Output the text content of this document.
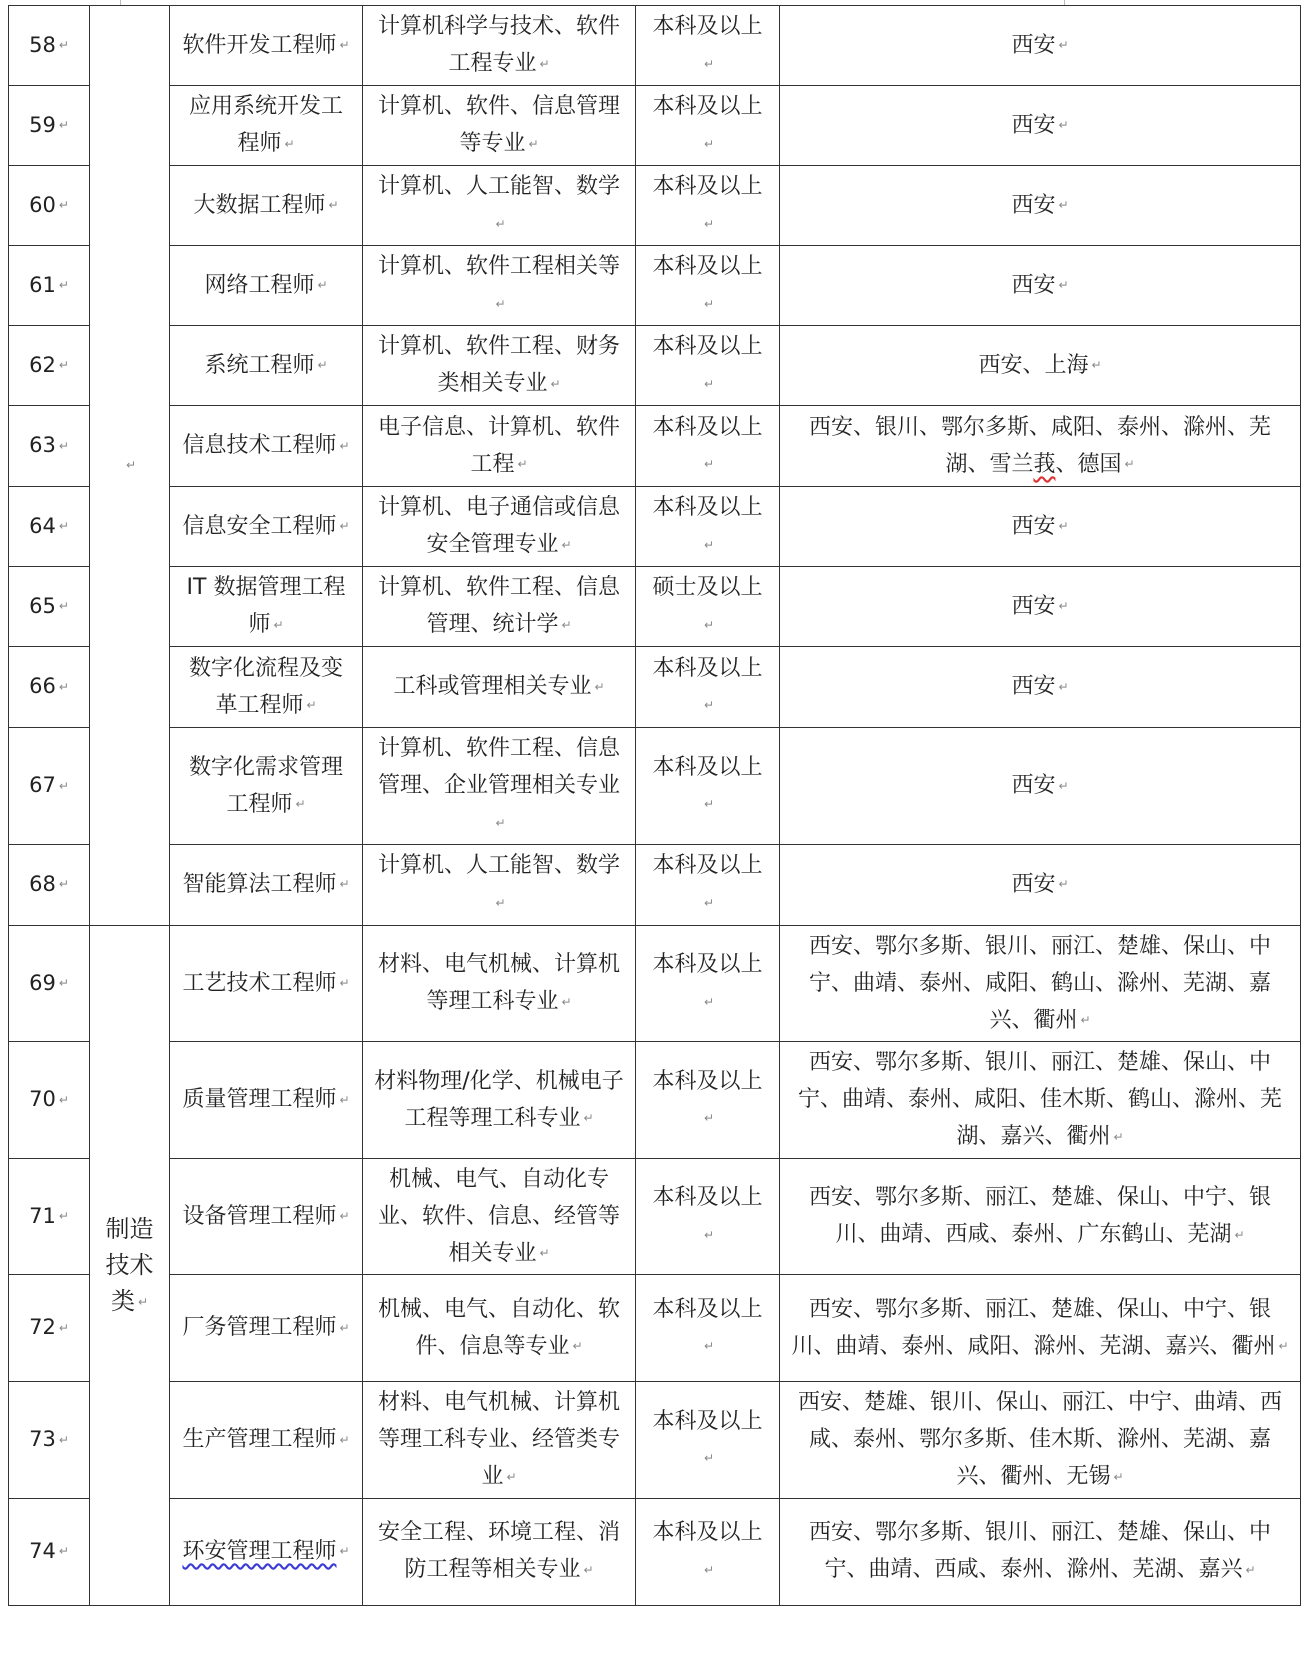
58 ↵	↵	软件开发工程师 ↵	计算机科学与技术、软件工程专业 ↵	本科及以上↵	西安 ↵
59 ↵		应用系统开发工程师 ↵	计算机、软件、信息管理等专业 ↵	本科及以上↵	西安 ↵
60 ↵		大数据工程师 ↵	计算机、人工能智、数学↵	本科及以上↵	西安 ↵
61 ↵		网络工程师 ↵	计算机、软件工程相关等↵	本科及以上↵	西安 ↵
62 ↵		系统工程师 ↵	计算机、软件工程、财务类相关专业 ↵	本科及以上↵	西安、上海 ↵
63 ↵		信息技术工程师 ↵	电子信息、计算机、软件工程 ↵	本科及以上↵	西安、银川、鄂尔多斯、咸阳、泰州、滁州、芜湖、雪兰莪、德国 ↵
64 ↵		信息安全工程师 ↵	计算机、电子通信或信息安全管理专业 ↵	本科及以上↵	西安 ↵
65 ↵		IT 数据管理工程师 ↵	计算机、软件工程、信息管理、统计学 ↵	硕士及以上↵	西安 ↵
66 ↵		数字化流程及变革工程师 ↵	工科或管理相关专业 ↵	本科及以上↵	西安 ↵
67 ↵		数字化需求管理工程师 ↵	计算机、软件工程、信息管理、企业管理相关专业↵	本科及以上↵	西安 ↵
68 ↵		智能算法工程师 ↵	计算机、人工能智、数学↵	本科及以上↵	西安 ↵
69 ↵	制造技术类 ↵	工艺技术工程师 ↵	材料、电气机械、计算机等理工科专业 ↵	本科及以上↵	西安、鄂尔多斯、银川、丽江、楚雄、保山、中宁、曲靖、泰州、咸阳、鹤山、滁州、芜湖、嘉兴、衢州 ↵
70 ↵		质量管理工程师 ↵	材料物理/化学、机械电子工程等理工科专业 ↵	本科及以上↵	西安、鄂尔多斯、银川、丽江、楚雄、保山、中宁、曲靖、泰州、咸阳、佳木斯、鹤山、滁州、芜湖、嘉兴、衢州 ↵
71 ↵		设备管理工程师 ↵	机械、电气、自动化专业、软件、信息、经管等相关专业 ↵	本科及以上↵	西安、鄂尔多斯、丽江、楚雄、保山、中宁、银川、曲靖、西咸、泰州、广东鹤山、芜湖 ↵
72 ↵		厂务管理工程师 ↵	机械、电气、自动化、软件、信息等专业 ↵	本科及以上↵	西安、鄂尔多斯、丽江、楚雄、保山、中宁、银川、曲靖、泰州、咸阳、滁州、芜湖、嘉兴、衢州 ↵
73 ↵		生产管理工程师 ↵	材料、电气机械、计算机等理工科专业、经管类专业 ↵	本科及以上↵	西安、楚雄、银川、保山、丽江、中宁、曲靖、西咸、泰州、鄂尔多斯、佳木斯、滁州、芜湖、嘉兴、衢州、无锡 ↵
74 ↵		环安管理工程师 ↵	安全工程、环境工程、消防工程等相关专业 ↵	本科及以上↵	西安、鄂尔多斯、银川、丽江、楚雄、保山、中宁、曲靖、西咸、泰州、滁州、芜湖、嘉兴 ↵
